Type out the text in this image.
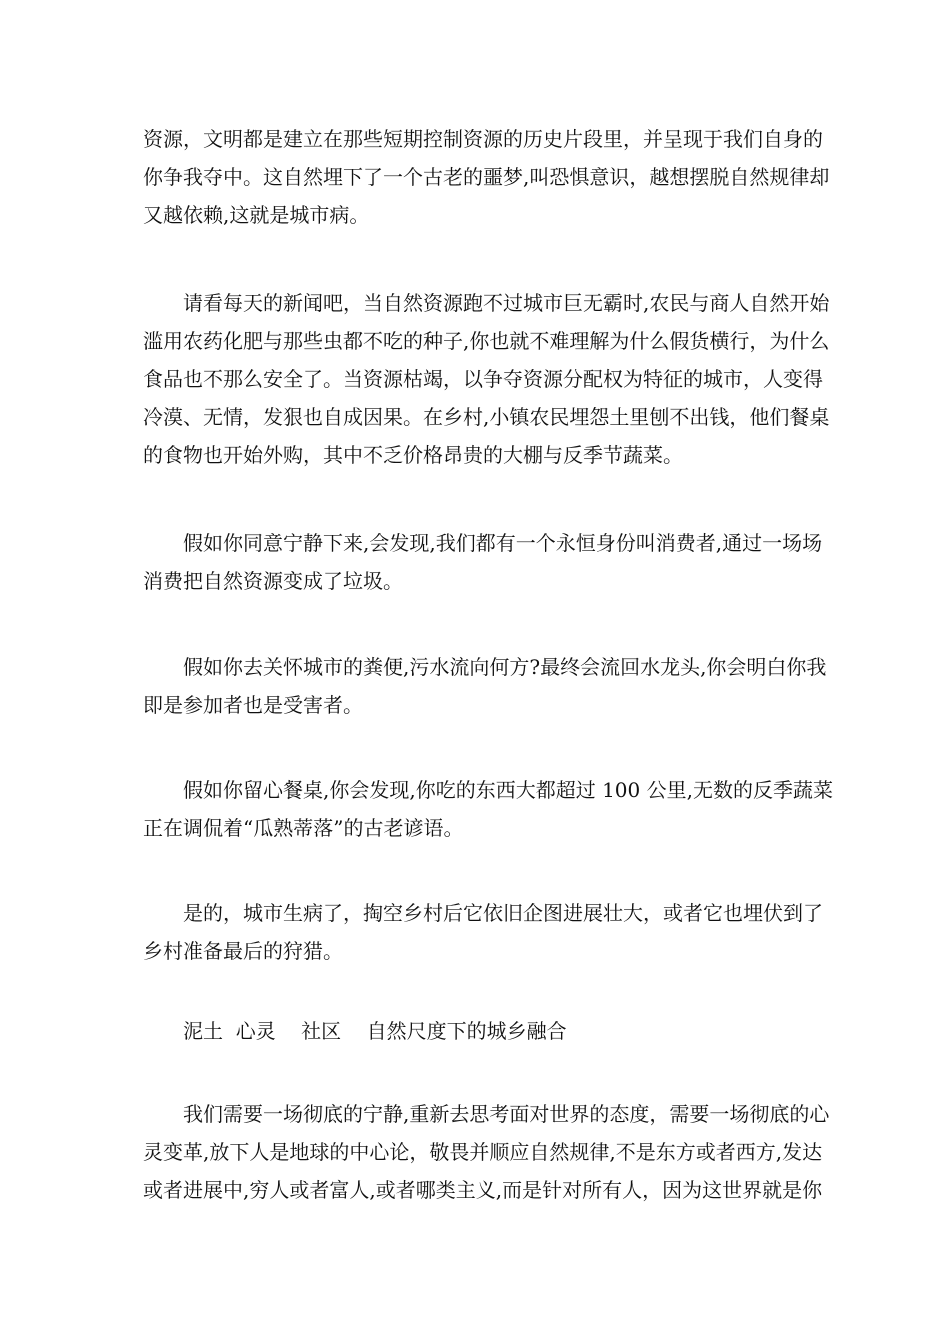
资源，文明都是建立在那些短期控制资源的历史片段里，并呈现于我们自身的
你争我夺中。这自然埋下了一个古老的噩梦,叫恐惧意识，越想摆脱自然规律却
又越依赖,这就是城市病。
请看每天的新闻吧，当自然资源跑不过城市巨无霸时,农民与商人自然开始
滥用农药化肥与那些虫都不吃的种子,你也就不难理解为什么假货横行，为什么
食品也不那么安全了。当资源枯竭，以争夺资源分配权为特征的城市，人变得
冷漠、无情，发狠也自成因果。在乡村,小镇农民埋怨土里刨不出钱，他们餐桌
的食物也开始外购，其中不乏价格昂贵的大棚与反季节蔬菜。
假如你同意宁静下来,会发现,我们都有一个永恒身份叫消费者,通过一场场
消费把自然资源变成了垃圾。
假如你去关怀城市的粪便,污水流向何方?最终会流回水龙头,你会明白你我
即是参加者也是受害者。
假如你留心餐桌,你会发现,你吃的东西大都超过 100 公里,无数的反季蔬菜
正在调侃着“瓜熟蒂落”的古老谚语。
是的，城市生病了，掏空乡村后它依旧企图进展壮大，或者它也埋伏到了
乡村准备最后的狩猎。
泥土  心灵    社区    自然尺度下的城乡融合
我们需要一场彻底的宁静,重新去思考面对世界的态度，需要一场彻底的心
灵变革,放下人是地球的中心论，敬畏并顺应自然规律,不是东方或者西方,发达
或者进展中,穷人或者富人,或者哪类主义,而是针对所有人，因为这世界就是你
